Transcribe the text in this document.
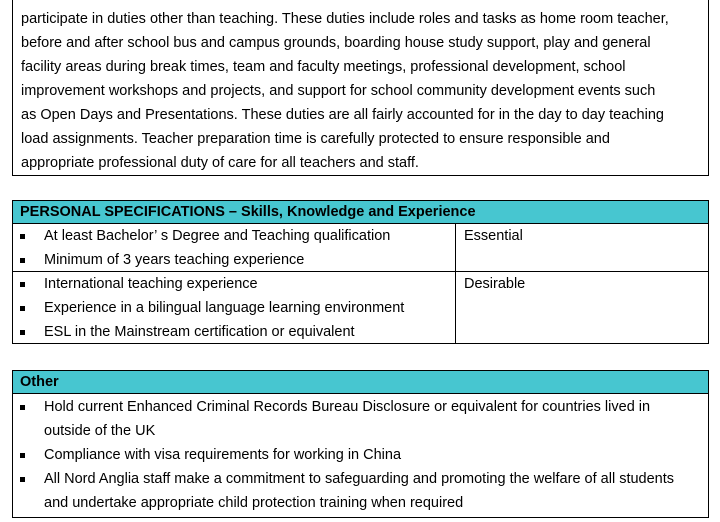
participate in duties other than teaching. These duties include roles and tasks as home room teacher,
before and after school bus and campus grounds, boarding house study support, play and general
facility areas during break times, team and faculty meetings, professional development, school
improvement workshops and projects, and support for school community development events such
as Open Days and Presentations. These duties are all fairly accounted for in the day to day teaching
load assignments. Teacher preparation time is carefully protected to ensure responsible and
appropriate professional duty of care for all teachers and staff.
PERSONAL SPECIFICATIONS – Skills, Knowledge and Experience
At least Bachelor’ s Degree and Teaching qualification
Minimum of 3 years teaching experience
Essential
International teaching experience
Experience in a bilingual language learning environment
ESL in the Mainstream certification or equivalent
Desirable
Other
Hold current Enhanced Criminal Records Bureau Disclosure or equivalent for countries lived in outside of the UK
Compliance with visa requirements for working in China
All Nord Anglia staff make a commitment to safeguarding and promoting the welfare of all students and undertake appropriate child protection training when required
